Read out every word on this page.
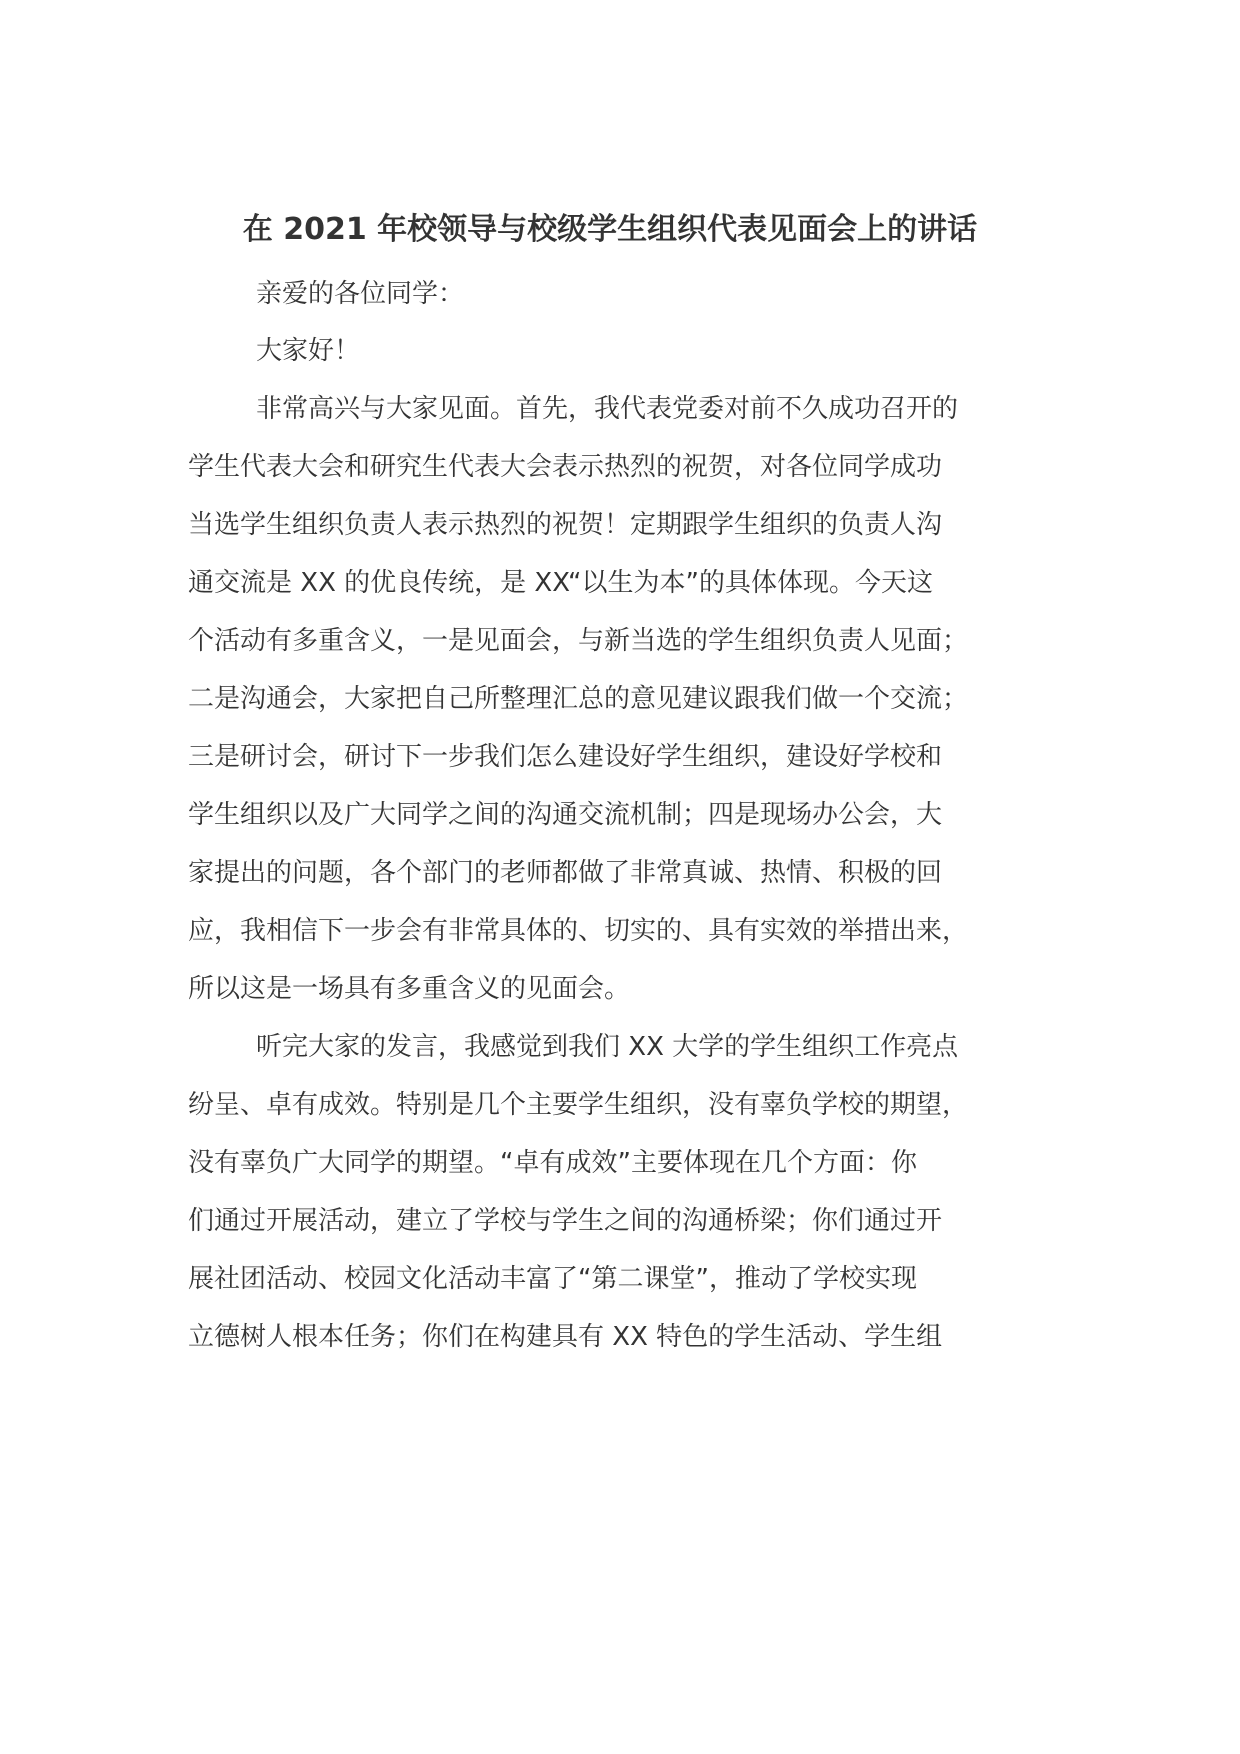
在 2021 年校领导与校级学生组织代表见面会上的讲话
亲爱的各位同学：
大家好！
非常高兴与大家见面。首先，我代表党委对前不久成功召开的
学生代表大会和研究生代表大会表示热烈的祝贺，对各位同学成功
当选学生组织负责人表示热烈的祝贺！定期跟学生组织的负责人沟
通交流是 XX 的优良传统，是 XX“以生为本”的具体体现。今天这
个活动有多重含义，一是见面会，与新当选的学生组织负责人见面；
二是沟通会，大家把自己所整理汇总的意见建议跟我们做一个交流；
三是研讨会，研讨下一步我们怎么建设好学生组织，建设好学校和
学生组织以及广大同学之间的沟通交流机制；四是现场办公会，大
家提出的问题，各个部门的老师都做了非常真诚、热情、积极的回
应，我相信下一步会有非常具体的、切实的、具有实效的举措出来，
所以这是一场具有多重含义的见面会。
听完大家的发言，我感觉到我们 XX 大学的学生组织工作亮点
纷呈、卓有成效。特别是几个主要学生组织，没有辜负学校的期望，
没有辜负广大同学的期望。“卓有成效”主要体现在几个方面：你
们通过开展活动，建立了学校与学生之间的沟通桥梁；你们通过开
展社团活动、校园文化活动丰富了“第二课堂”，推动了学校实现
立德树人根本任务；你们在构建具有 XX 特色的学生活动、学生组
